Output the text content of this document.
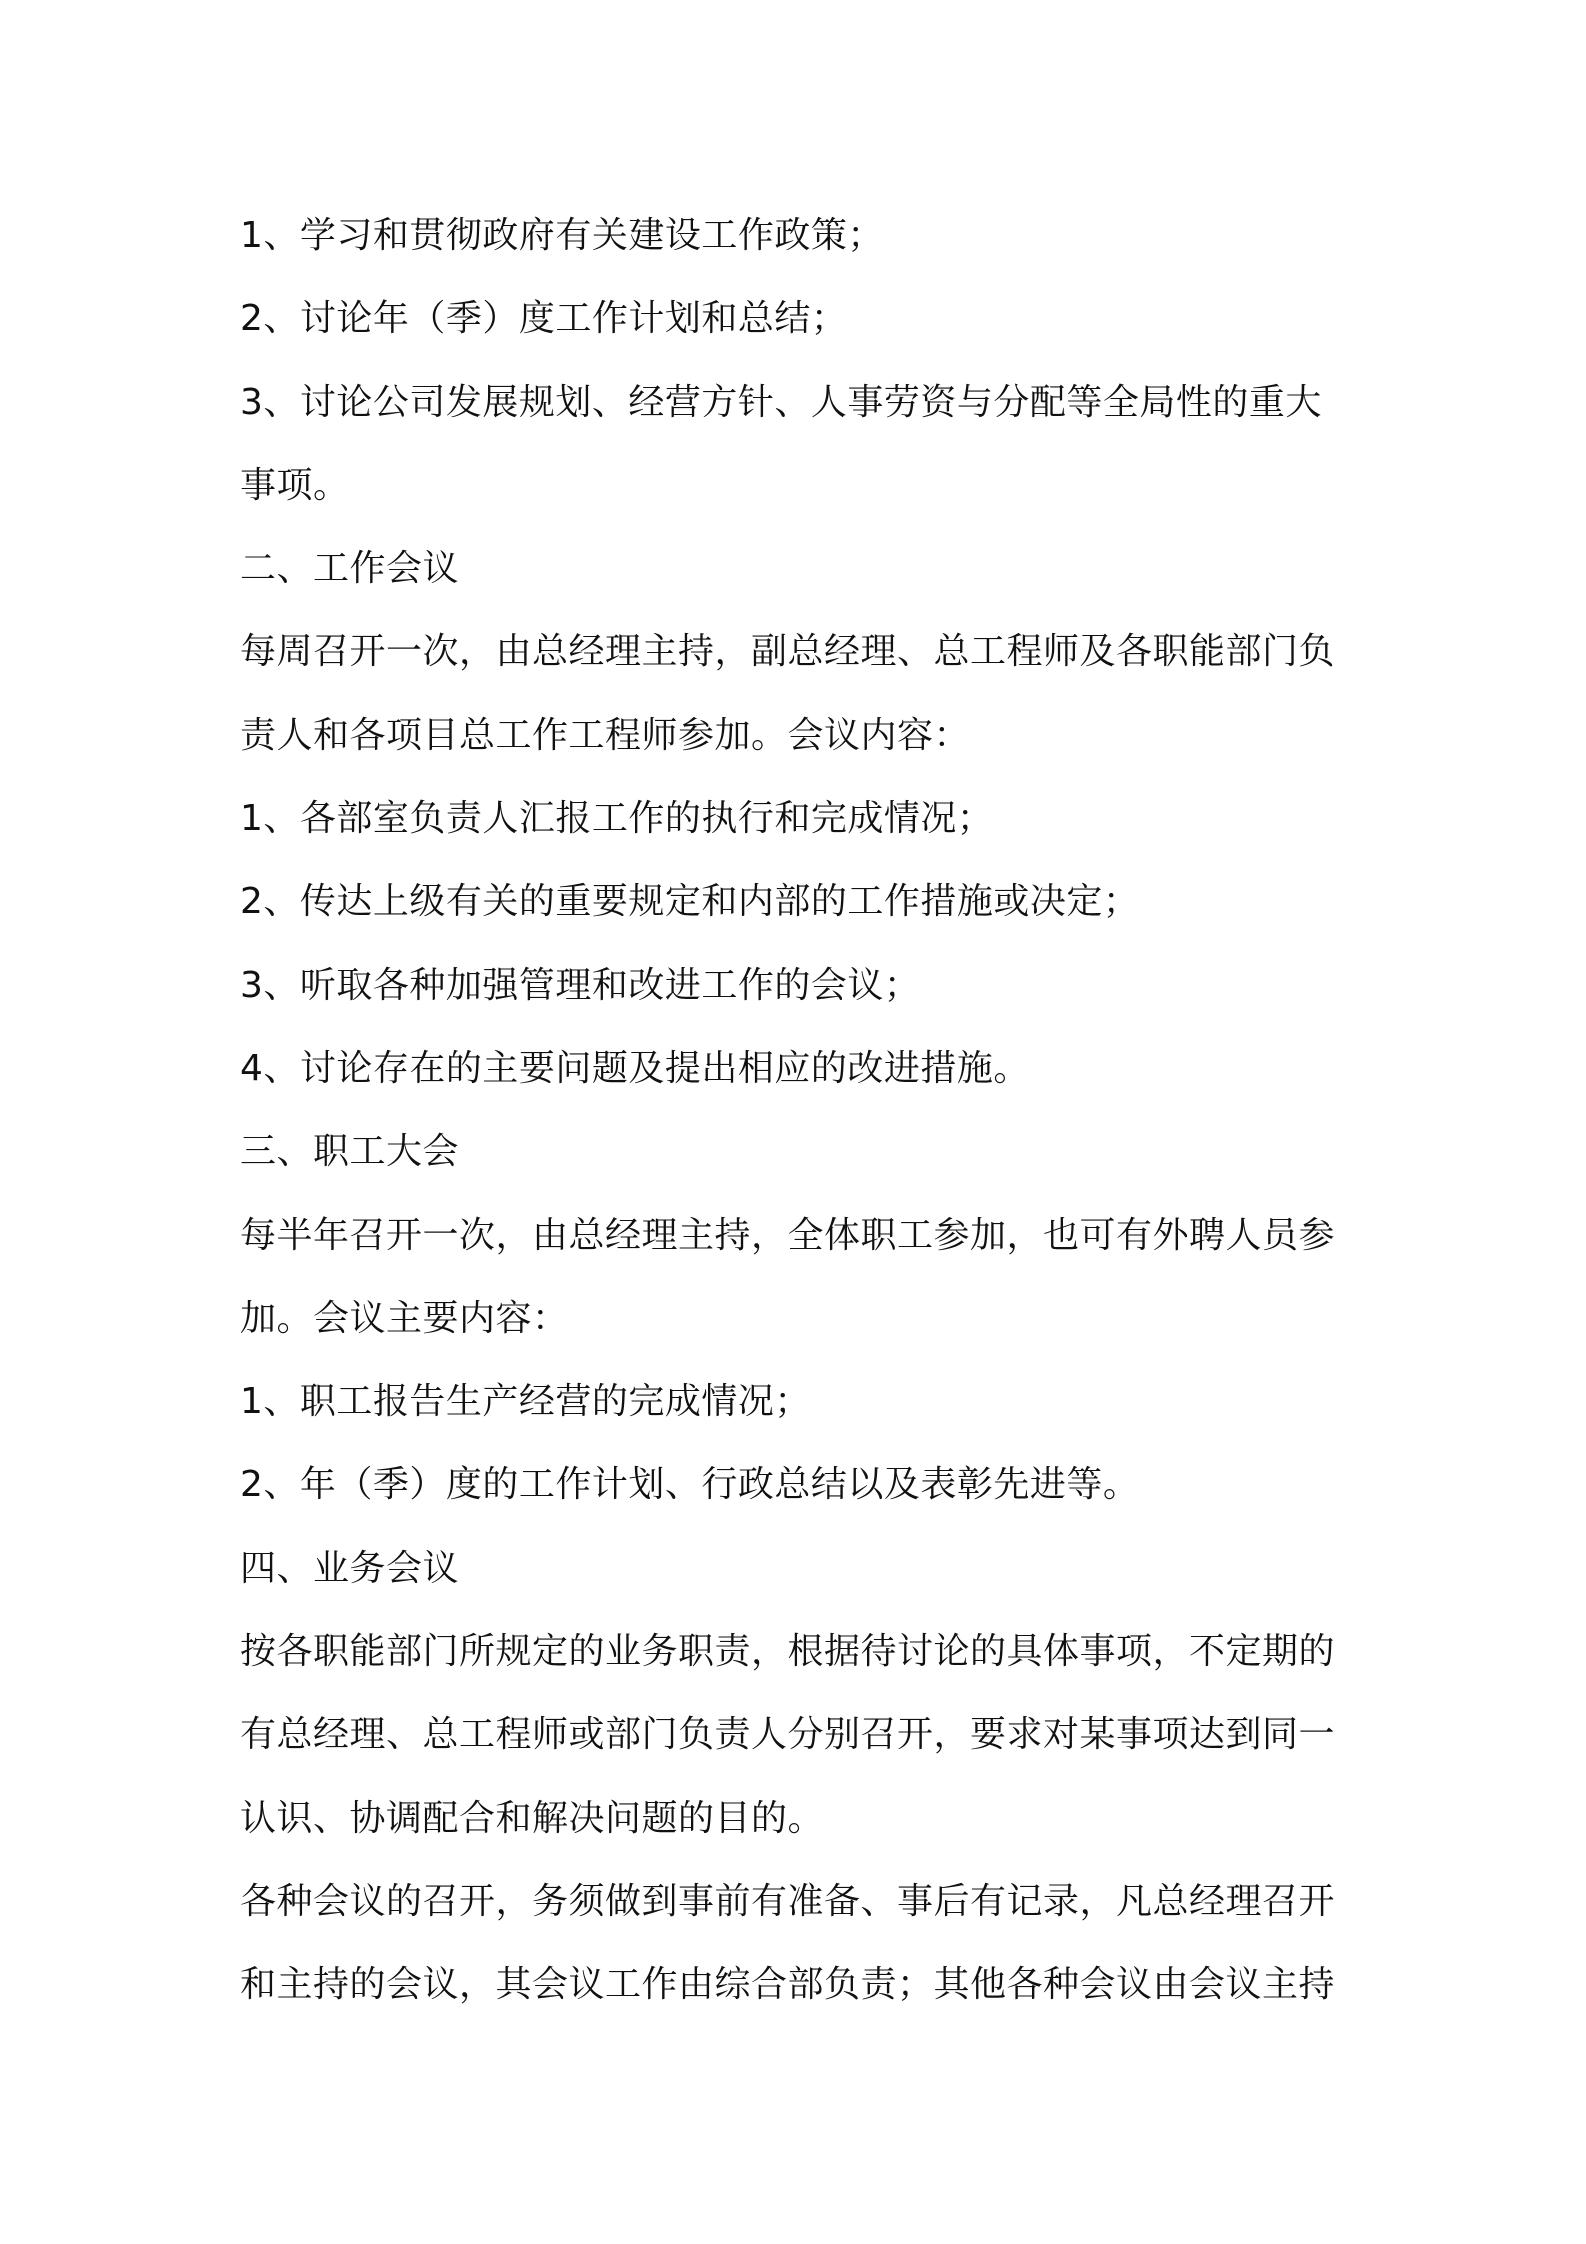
1、学习和贯彻政府有关建设工作政策；
2、讨论年（季）度工作计划和总结；
3、讨论公司发展规划、经营方针、人事劳资与分配等全局性的重大
事项。
二、工作会议
每周召开一次，由总经理主持，副总经理、总工程师及各职能部门负
责人和各项目总工作工程师参加。会议内容：
1、各部室负责人汇报工作的执行和完成情况；
2、传达上级有关的重要规定和内部的工作措施或决定；
3、听取各种加强管理和改进工作的会议；
4、讨论存在的主要问题及提出相应的改进措施。
三、职工大会
每半年召开一次，由总经理主持，全体职工参加，也可有外聘人员参
加。会议主要内容：
1、职工报告生产经营的完成情况；
2、年（季）度的工作计划、行政总结以及表彰先进等。
四、业务会议
按各职能部门所规定的业务职责，根据待讨论的具体事项，不定期的
有总经理、总工程师或部门负责人分别召开，要求对某事项达到同一
认识、协调配合和解决问题的目的。
各种会议的召开，务须做到事前有准备、事后有记录，凡总经理召开
和主持的会议，其会议工作由综合部负责；其他各种会议由会议主持
